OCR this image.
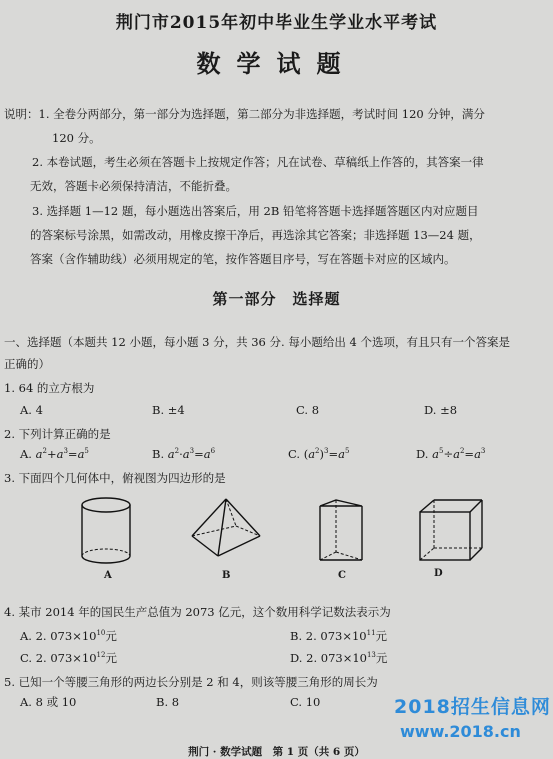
荆门市2015年初中毕业生学业水平考试
数学试题
说明：1. 全卷分两部分，第一部分为选择题，第二部分为非选择题，考试时间 120 分钟，满分
120 分。
2. 本卷试题，考生必须在答题卡上按规定作答；凡在试卷、草稿纸上作答的，其答案一律
无效，答题卡必须保持清洁，不能折叠。
3. 选择题 1—12 题，每小题选出答案后，用 2B 铅笔将答题卡选择题答题区内对应题目
的答案标号涂黑，如需改动，用橡皮擦干净后，再选涂其它答案；非选择题 13—24 题，
答案（含作辅助线）必须用规定的笔，按作答题目序号，写在答题卡对应的区域内。
第一部分　选择题
一、选择题（本题共 12 小题，每小题 3 分，共 36 分. 每小题给出 4 个选项，有且只有一个答案是
正确的）
1. 64 的立方根为
A. 4	B. ±4	C. 8	D. ±8
2. 下列计算正确的是
A. $a^2+a^3=a^5$	B. $a^2\cdot a^3=a^6$	C. $(a^2)^3=a^5$	D. $a^5\div a^2=a^3$
3. 下面四个几何体中，俯视图为四边形的是
A	B	C	D
4. 某市 2014 年的国民生产总值为 2073 亿元，这个数用科学记数法表示为
A. 2. $073\times 10^{10}$元	B. 2. $073\times 10^{11}$元
C. 2. $073\times 10^{12}$元	D. 2. $073\times 10^{13}$元
5. 已知一个等腰三角形的两边长分别是 2 和 4，则该等腰三角形的周长为
A. 8 或 10	B. 8	C. 10
荆门 · 数学试题　第 1 页（共 6 页）
2018招生信息网
www.2018.cn
